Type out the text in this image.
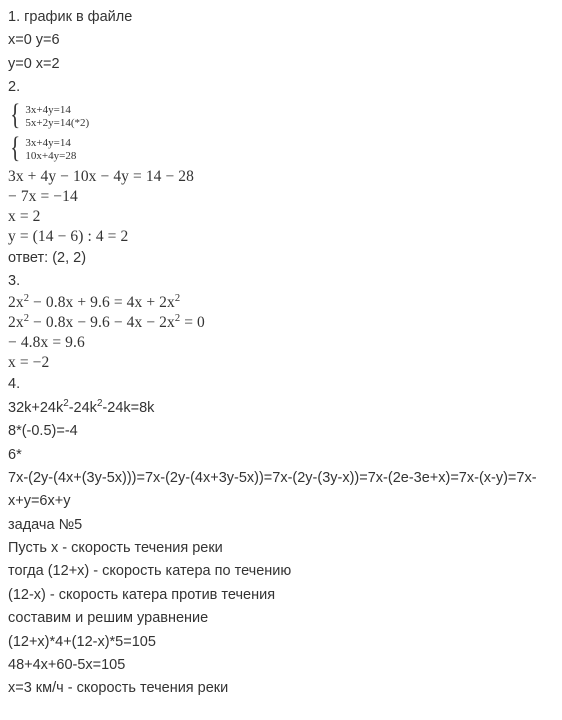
1. график в файле
x=0 y=6
y=0 x=2
2.
{ 3x+4y=14
5x+2y=14(*2)
{ 3x+4y=14
10x+4y=28
3x + 4y − 10x − 4y = 14 − 28
− 7x = −14
x = 2
y = (14 − 6) : 4 = 2
ответ: (2, 2)
3.
$2x^2 - 0.8x + 9.6 = 4x + 2x^2$
$2x^2 - 0.8x - 9.6 - 4x - 2x^2 = 0$
− 4.8x = 9.6
x = −2
4.
$32k+24k^2-24k^2-24k=8k$
8*(-0.5)=-4
6*
7x-(2y-(4x+(3y-5x)))=7x-(2y-(4x+3y-5x))=7x-(2y-(3y-x))=7x-(2e-3e+x)=7x-(x-y)=7x-
x+y=6x+y
задача №5
Пусть x - скорость течения реки
тогда (12+x) - скорость катера по течению
(12-x) - скорость катера против течения
составим и решим уравнение
(12+x)*4+(12-x)*5=105
48+4x+60-5x=105
x=3 км/ч - скорость течения реки
